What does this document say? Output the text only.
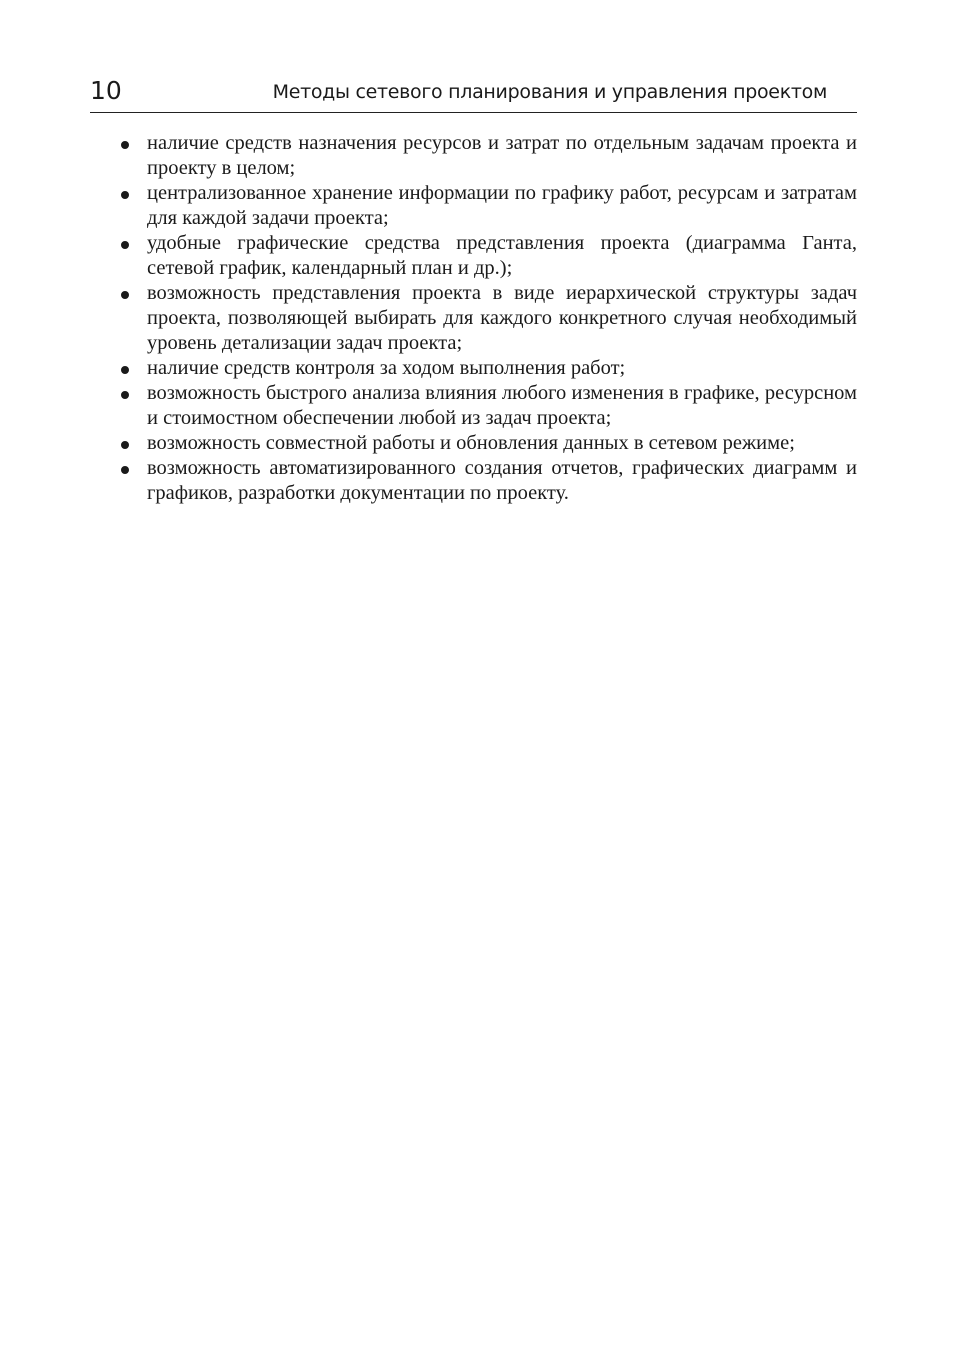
10	Методы сетевого планирования и управления проектом
наличие средств назначения ресурсов и затрат по отдельным задачам проекта и проекту в целом;
централизованное хранение информации по графику работ, ресурсам и затратам для каждой задачи проекта;
удобные графические средства представления проекта (диаграмма Ганта, сетевой график, календарный план и др.);
возможность представления проекта в виде иерархической структуры задач проекта, позволяющей выбирать для каждого конкретного случая необходимый уровень детализации задач проекта;
наличие средств контроля за ходом выполнения работ;
возможность быстрого анализа влияния любого изменения в графике, ресурсном и стоимостном обеспечении любой из задач проекта;
возможность совместной работы и обновления данных в сетевом режиме;
возможность автоматизированного создания отчетов, графических диаграмм и графиков, разработки документации по проекту.
